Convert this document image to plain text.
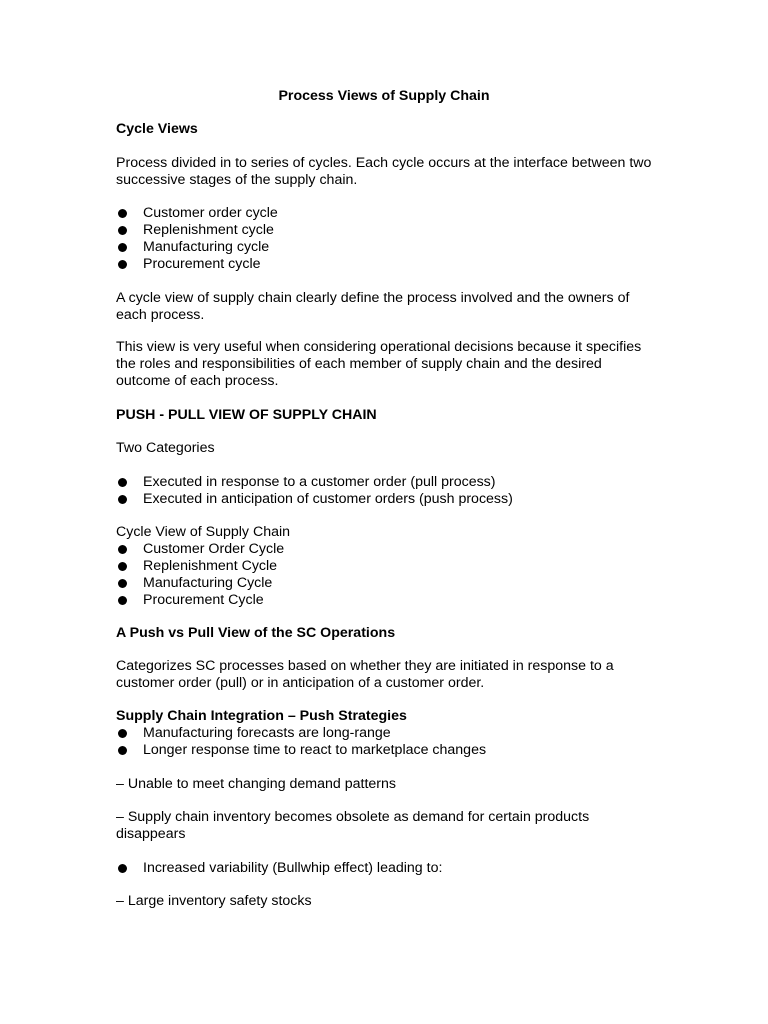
Process Views of Supply Chain

Cycle Views

Process divided in to series of cycles. Each cycle occurs at the interface between two successive stages of the supply chain.

Customer order cycle
Replenishment cycle
Manufacturing cycle
Procurement cycle

A cycle view of supply chain clearly define the process involved and the owners of each process.

This view is very useful when considering operational decisions because it specifies the roles and responsibilities of each member of supply chain and the desired outcome of each process.

PUSH - PULL VIEW OF SUPPLY CHAIN

Two Categories

Executed in response to a customer order (pull process)
Executed in anticipation of customer orders (push process)

Cycle View of Supply Chain

Customer Order Cycle
Replenishment Cycle
Manufacturing Cycle
Procurement Cycle

A Push vs Pull View of the SC Operations

Categorizes SC processes based on whether they are initiated in response to a customer order (pull) or in anticipation of a customer order.

Supply Chain Integration – Push Strategies

Manufacturing forecasts are long-range
Longer response time to react to marketplace changes

– Unable to meet changing demand patterns

– Supply chain inventory becomes obsolete as demand for certain products disappears

Increased variability (Bullwhip effect) leading to:

– Large inventory safety stocks
